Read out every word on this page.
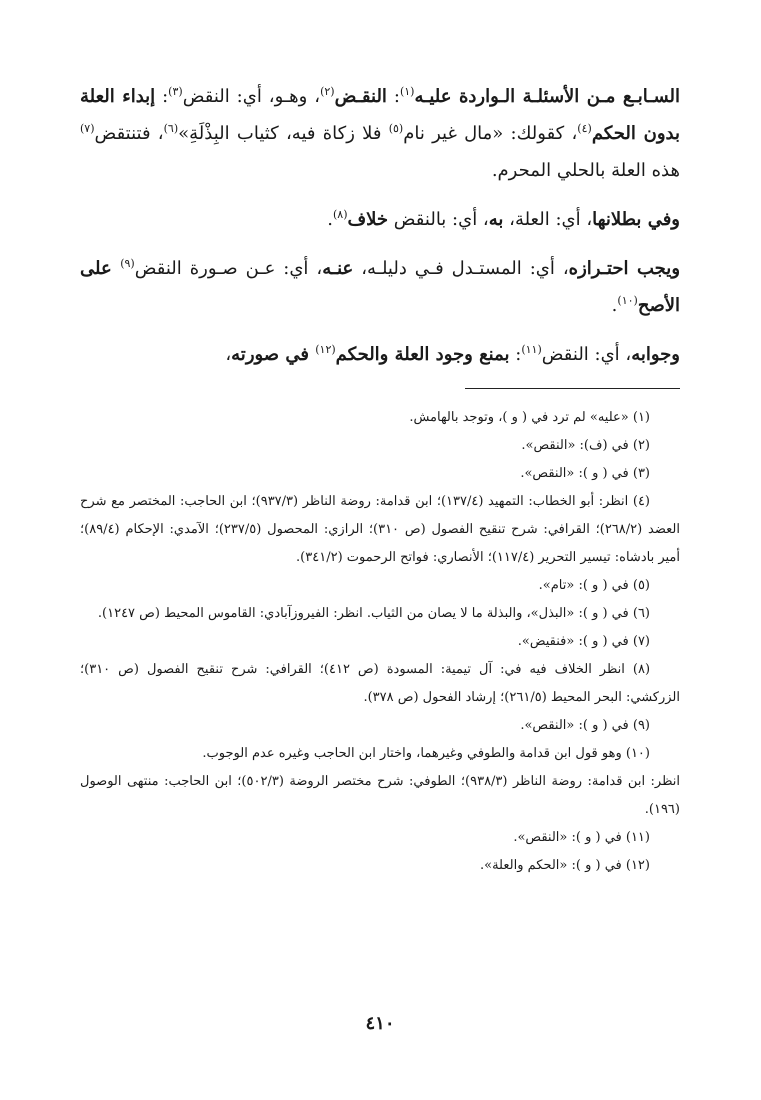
السـابـع مـن الأسئلـة الـواردة عليـه$^{(١)}$: النقـض$^{(٢)}$، وهـو، أي: النقض$^{(٣)}$: إبداء العلة بدون الحكم$^{(٤)}$، كقولك: «مال غير نام$^{(٥)}$ فلا زكاة فيه، كثياب البِذْلَةِ»$^{(٦)}$، فتنتقض$^{(٧)}$ هذه العلة بالحلي المحرم.

وفي بطلانها، أي: العلة، به، أي: بالنقض خلاف$^{(٨)}$.

ويجب احتـرازه، أي: المستـدل فـي دليلـه، عنـه، أي: عـن صـورة النقض$^{(٩)}$ على الأصح$^{(١٠)}$.

وجوابه، أي: النقض$^{(١١)}$: بمنع وجود العلة والحكم$^{(١٢)}$ في صورته،

(١) «عليه» لم ترد في ( و )، وتوجد بالهامش.

(٢) في (ف): «النقص».

(٣) في ( و ): «النقص».

(٤) انظر: أبو الخطاب: التمهيد (١٣٧/٤)؛ ابن قدامة: روضة الناظر (٩٣٧/٣)؛ ابن الحاجب: المختصر مع شرح العضد (٢٦٨/٢)؛ القرافي: شرح تنقيح الفصول (ص ٣١٠)؛ الرازي: المحصول (٢٣٧/٥)؛ الآمدي: الإحكام (٨٩/٤)؛ أمير بادشاه: تيسير التحرير (١١٧/٤)؛ الأنصاري: فواتح الرحموت (٣٤١/٢).

(٥) في ( و ): «تام».

(٦) في ( و ): «البذل»، والبذلة ما لا يصان من الثياب. انظر: الفيروزآبادي: القاموس المحيط (ص ١٢٤٧).

(٧) في ( و ): «فنقيض».

(٨) انظر الخلاف فيه في: آل تيمية: المسودة (ص ٤١٢)؛ القرافي: شرح تنقيح الفصول (ص ٣١٠)؛ الزركشي: البحر المحيط (٢٦١/٥)؛ إرشاد الفحول (ص ٣٧٨).

(٩) في ( و ): «النقص».

(١٠) وهو قول ابن قدامة والطوفي وغيرهما، واختار ابن الحاجب وغيره عدم الوجوب.

انظر: ابن قدامة: روضة الناظر (٩٣٨/٣)؛ الطوفي: شرح مختصر الروضة (٥٠٢/٣)؛ ابن الحاجب: منتهى الوصول (١٩٦).

(١١) في ( و ): «النقص».

(١٢) في ( و ): «الحكم والعلة».

٤١٠
